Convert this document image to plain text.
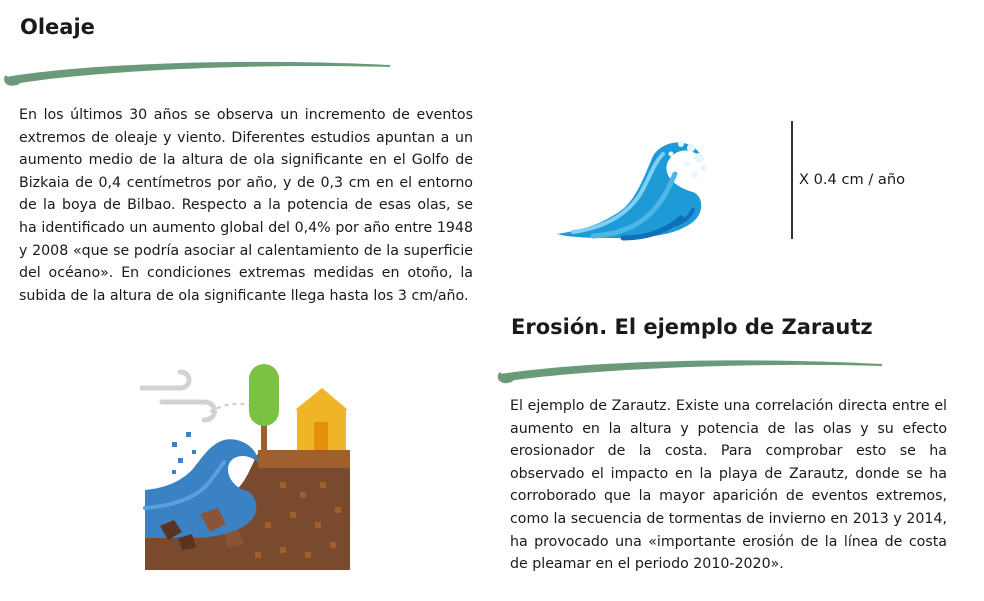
Oleaje

En los últimos 30 años se observa un incremento de eventos extremos de oleaje y viento. Diferentes estudios apuntan a un aumento medio de la altura de ola significante en el Golfo de Bizkaia de 0,4 centímetros por año, y de 0,3 cm en el entorno de la boya de Bilbao. Respecto a la potencia de esas olas, se ha identificado un aumento global del 0,4% por año entre 1948 y 2008 «que se podría asociar al calentamiento de la superficie del océano». En condiciones extremas medidas en otoño, la subida de la altura de ola significante llega hasta los 3 cm/año.

X 0.4 cm / año
Erosión. El ejemplo de Zarautz

El ejemplo de Zarautz. Existe una correlación directa entre el aumento en la altura y potencia de las olas y su efecto erosionador de la costa. Para comprobar esto se ha observado el impacto en la playa de Zarautz, donde se ha corroborado que la mayor aparición de eventos extremos, como la secuencia de tormentas de invierno en 2013 y 2014, ha provocado una «importante erosión de la línea de costa de pleamar en el periodo 2010-2020».
